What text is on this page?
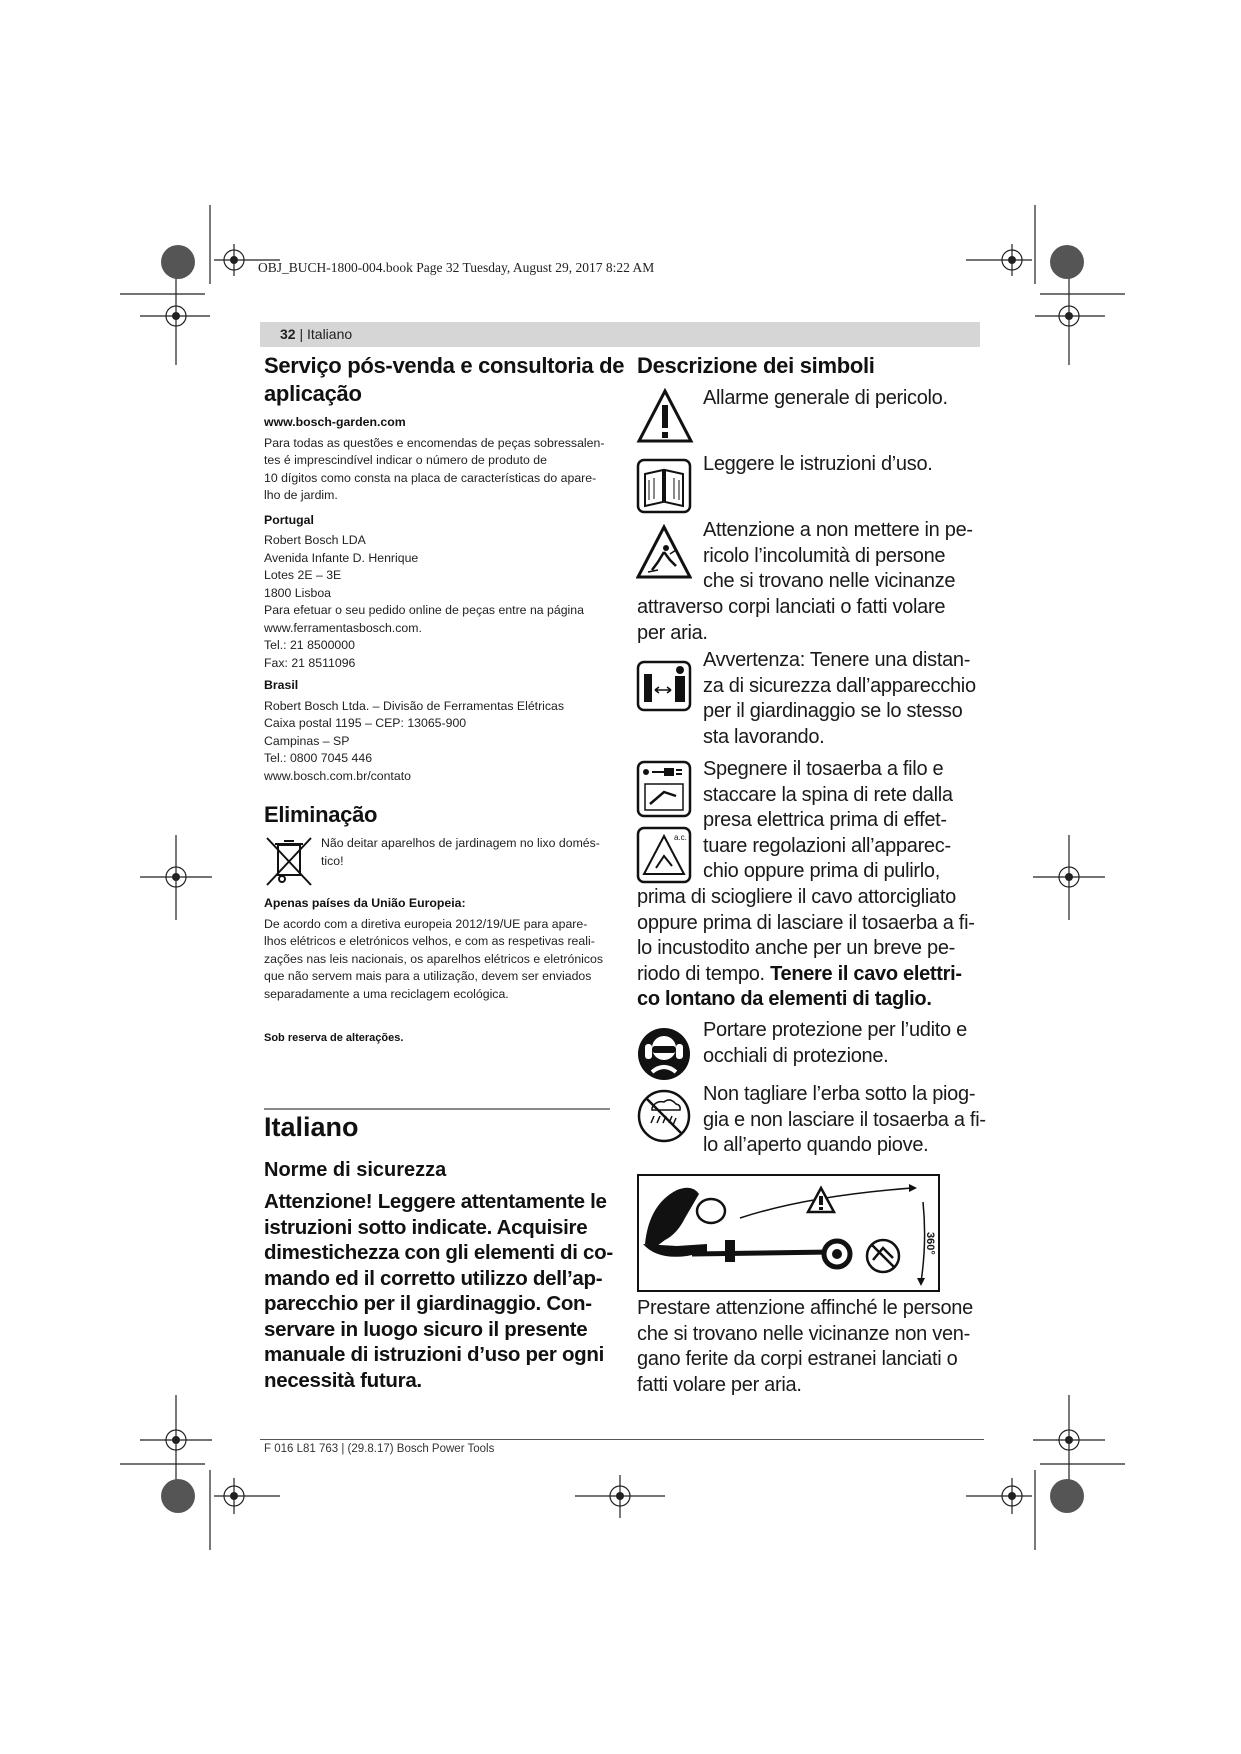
OBJ_BUCH-1800-004.book Page 32 Tuesday, August 29, 2017 8:22 AM
32 | Italiano
Serviço pós-venda e consultoria de
aplicação
www.bosch-garden.com
Para todas as questões e encomendas de peças sobressalen-
tes é imprescindível indicar o número de produto de
10 dígitos como consta na placa de características do apare-
lho de jardim.
Portugal
Robert Bosch LDA
Avenida Infante D. Henrique
Lotes 2E – 3E
1800 Lisboa
Para efetuar o seu pedido online de peças entre na página
www.ferramentasbosch.com.
Tel.: 21 8500000
Fax: 21 8511096
Brasil
Robert Bosch Ltda. – Divisão de Ferramentas Elétricas
Caixa postal 1195 – CEP: 13065-900
Campinas – SP
Tel.: 0800 7045 446
www.bosch.com.br/contato
Eliminação
Não deitar aparelhos de jardinagem no lixo domés-
tico!
Apenas países da União Europeia:
De acordo com a diretiva europeia 2012/19/UE para apare-
lhos elétricos e eletrónicos velhos, e com as respetivas reali-
zações nas leis nacionais, os aparelhos elétricos e eletrónicos
que não servem mais para a utilização, devem ser enviados
separadamente a uma reciclagem ecológica.
Sob reserva de alterações.
Italiano
Norme di sicurezza
Attenzione! Leggere attentamente le
istruzioni sotto indicate. Acquisire
dimestichezza con gli elementi di co-
mando ed il corretto utilizzo dell’ap-
parecchio per il giardinaggio. Con-
servare in luogo sicuro il presente
manuale di istruzioni d’uso per ogni
necessità futura.
Descrizione dei simboli
Allarme generale di pericolo.
Leggere le istruzioni d’uso.
Attenzione a non mettere in pe-
ricolo l’incolumità di persone
che si trovano nelle vicinanze
attraverso corpi lanciati o fatti volare
per aria.
Avvertenza: Tenere una distan-
za di sicurezza dall’apparecchio
per il giardinaggio se lo stesso
sta lavorando.
a.c.
Spegnere il tosaerba a filo e
staccare la spina di rete dalla
presa elettrica prima di effet-
tuare regolazioni all’apparec-
chio oppure prima di pulirlo,
prima di sciogliere il cavo attorcigliato
oppure prima di lasciare il tosaerba a fi-
lo incustodito anche per un breve pe-
riodo di tempo. Tenere il cavo elettri-
co lontano da elementi di taglio.
Portare protezione per l’udito e
occhiali di protezione.
Non tagliare l’erba sotto la piog-
gia e non lasciare il tosaerba a fi-
lo all’aperto quando piove.
360°
Prestare attenzione affinché le persone
che si trovano nelle vicinanze non ven-
gano ferite da corpi estranei lanciati o
fatti volare per aria.
F 016 L81 763 | (29.8.17) Bosch Power Tools
